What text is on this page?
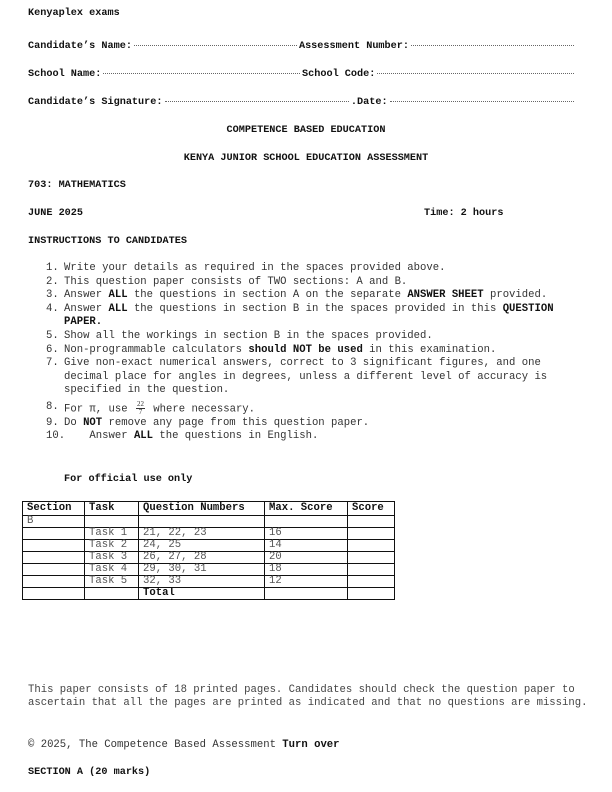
Kenyaplex exams
Candidate’s Name:	Assessment Number:
School Name:	School Code:
Candidate’s Signature:	.Date:
COMPETENCE BASED EDUCATION
KENYA JUNIOR SCHOOL EDUCATION ASSESSMENT
703: MATHEMATICS
JUNE 2025	Time: 2 hours
INSTRUCTIONS TO CANDIDATES
1. Write your details as required in the spaces provided above.
2. This question paper consists of TWO sections: A and B.
3. Answer ALL the questions in section A on the separate ANSWER SHEET provided.
4. Answer ALL the questions in section B in the spaces provided in this QUESTION PAPER.
5. Show all the workings in section B in the spaces provided.
6. Non-programmable calculators should NOT be used in this examination.
7. Give non-exact numerical answers, correct to 3 significant figures, and one decimal place for angles in degrees, unless a different level of accuracy is specified in the question.
8. For π, use $\frac{22}{7}$ where necessary.
9. Do NOT remove any page from this question paper.
10.
Answer ALL the questions in English.
For official use only
Section	Task	Question Numbers	Max. Score	Score
B				
	Task 1	21, 22, 23	16	
	Task 2	24, 25	14	
	Task 3	26, 27, 28	20	
	Task 4	29, 30, 31	18	
	Task 5	32, 33	12	
		Total		
This paper consists of 18 printed pages. Candidates should check the question paper to ascertain that all the pages are printed as indicated and that no questions are missing.
© 2025, The Competence Based Assessment Turn over
SECTION A (20 marks)
